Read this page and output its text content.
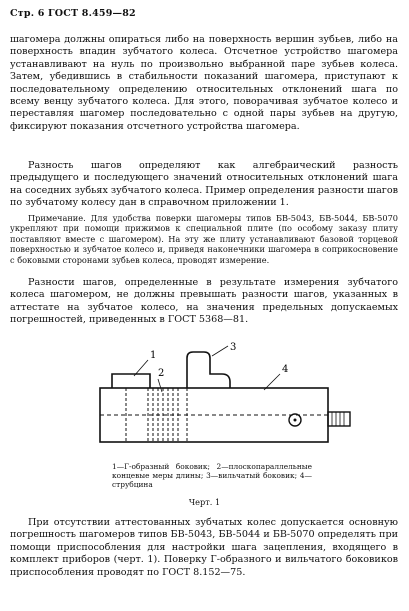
Стр. 6 ГОСТ 8.459—82

шагомера должны опираться либо на поверхность вершин зубьев, либо на поверхность впадин зубчатого колеса. Отсчетное устройство шагомера устанавливают на нуль по произвольно выбранной паре зубьев колеса. Затем, убедившись в стабильности показаний шагомера, приступают к последовательному определению относительных отклонений шага по всему венцу зубчатого колеса. Для этого, поворачивая зубчатое колесо и переставляя шагомер последовательно с одной пары зубьев на другую, фиксируют показания отсчетного устройства шагомера.

Разность шагов определяют как алгебраический разность предыдущего и последующего значений относительных отклонений шага на соседних зубьях зубчатого колеса. Пример определения разности шагов по зубчатому колесу дан в справочном приложении 1.

Примечание. Для удобства поверки шагомеры типов БВ-5043, БВ-5044, БВ-5070 укрепляют при помощи прижимов к специальной плите (по особому заказу плиту поставляют вместе с шагомером). На эту же плиту устанавливают базовой торцевой поверхностью и зубчатое колесо и, приведя наконечники шагомера в соприкосновение с боковыми сторонами зубьев колеса, проводят измерение.

Разности шагов, определенные в результате измерения зубчатого колеса шагомером, не должны превышать разности шагов, указанных в аттестате на зубчатое колесо, на значения предельных допускаемых погрешностей, приведенных в ГОСТ 5368—81.

1
2
3
4
1—Г-образный боковик; 2—плоскопараллельные концевые меры длины; 3—вильчатый боковик; 4—струбцина
Черт. 1

При отсутствии аттестованных зубчатых колес допускается основную погрешность шагомеров типов БВ-5043, БВ-5044 и БВ-5070 определять при помощи приспособления для настройки шага зацепления, входящего в комплект приборов (черт. 1). Поверку Г-образного и вильчатого боковиков приспособления проводят по ГОСТ 8.152—75.
